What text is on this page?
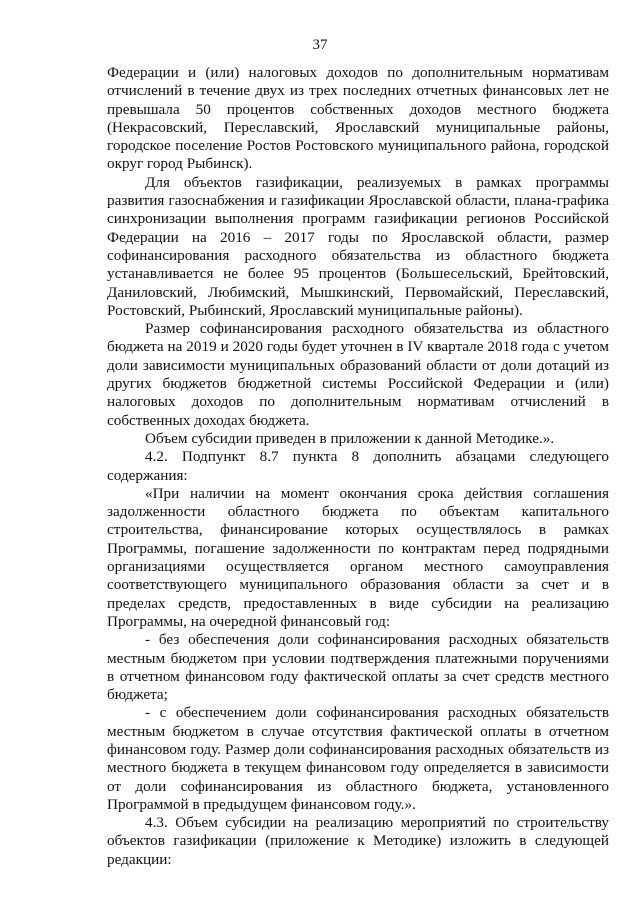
37

Федерации и (или) налоговых доходов по дополнительным нормативам отчислений в течение двух из трех последних отчетных финансовых лет не превышала 50 процентов собственных доходов местного бюджета (Некрасовский, Переславский, Ярославский муниципальные районы, городское поселение Ростов Ростовского муниципального района, городской округ город Рыбинск).

Для объектов газификации, реализуемых в рамках программы развития газоснабжения и газификации Ярославской области, плана-графика синхронизации выполнения программ газификации регионов Российской Федерации на 2016 – 2017 годы по Ярославской области, размер софинансирования расходного обязательства из областного бюджета устанавливается не более 95 процентов (Большесельский, Брейтовский, Даниловский, Любимский, Мышкинский, Первомайский, Переславский, Ростовский, Рыбинский, Ярославский муниципальные районы).

Размер софинансирования расходного обязательства из областного бюджета на 2019 и 2020 годы будет уточнен в IV квартале 2018 года с учетом доли зависимости муниципальных образований области от доли дотаций из других бюджетов бюджетной системы Российской Федерации и (или) налоговых доходов по дополнительным нормативам отчислений в собственных доходах бюджета.

Объем субсидии приведен в приложении к данной Методике.».

4.2. Подпункт 8.7 пункта 8 дополнить абзацами следующего содержания:

«При наличии на момент окончания срока действия соглашения задолженности областного бюджета по объектам капитального строительства, финансирование которых осуществлялось в рамках Программы, погашение задолженности по контрактам перед подрядными организациями осуществляется органом местного самоуправления соответствующего муниципального образования области за счет и в пределах средств, предоставленных в виде субсидии на реализацию Программы, на очередной финансовый год:

- без обеспечения доли софинансирования расходных обязательств местным бюджетом при условии подтверждения платежными поручениями в отчетном финансовом году фактической оплаты за счет средств местного бюджета;

- с обеспечением доли софинансирования расходных обязательств местным бюджетом в случае отсутствия фактической оплаты в отчетном финансовом году. Размер доли софинансирования расходных обязательств из местного бюджета в текущем финансовом году определяется в зависимости от доли софинансирования из областного бюджета, установленного Программой в предыдущем финансовом году.».

4.3. Объем субсидии на реализацию мероприятий по строительству объектов газификации (приложение к Методике) изложить в следующей редакции:
